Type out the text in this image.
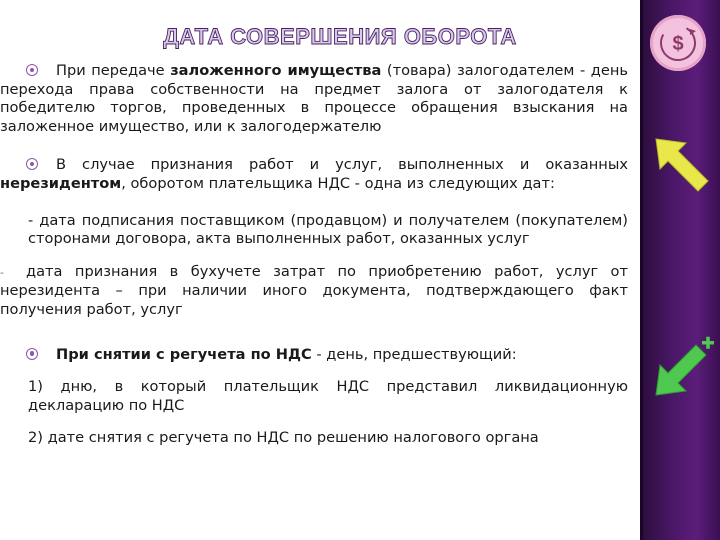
ДАТА СОВЕРШЕНИЯ ОБОРОТА

При передаче заложенного имущества (товара) залогодателем - день перехода права собственности на предмет залога от залогодателя к победителю торгов, проведенных в процессе обращения взыскания на заложенное имущество, или к залогодержателю

В случае признания работ и услуг, выполненных и оказанных нерезидентом, оборотом плательщика НДС - одна из следующих дат:

- дата подписания поставщиком (продавцом) и получателем (покупателем) сторонами договора, акта выполненных работ, оказанных услуг

- дата признания в бухучете затрат по приобретению работ, услуг от нерезидента – при наличии иного документа, подтверждающего факт получения работ, услуг

При снятии с регучета по НДС - день, предшествующий:

1) дню, в который плательщик НДС представил ликвидационную декларацию по НДС

2) дате снятия с регучета по НДС по решению налогового органа

$
